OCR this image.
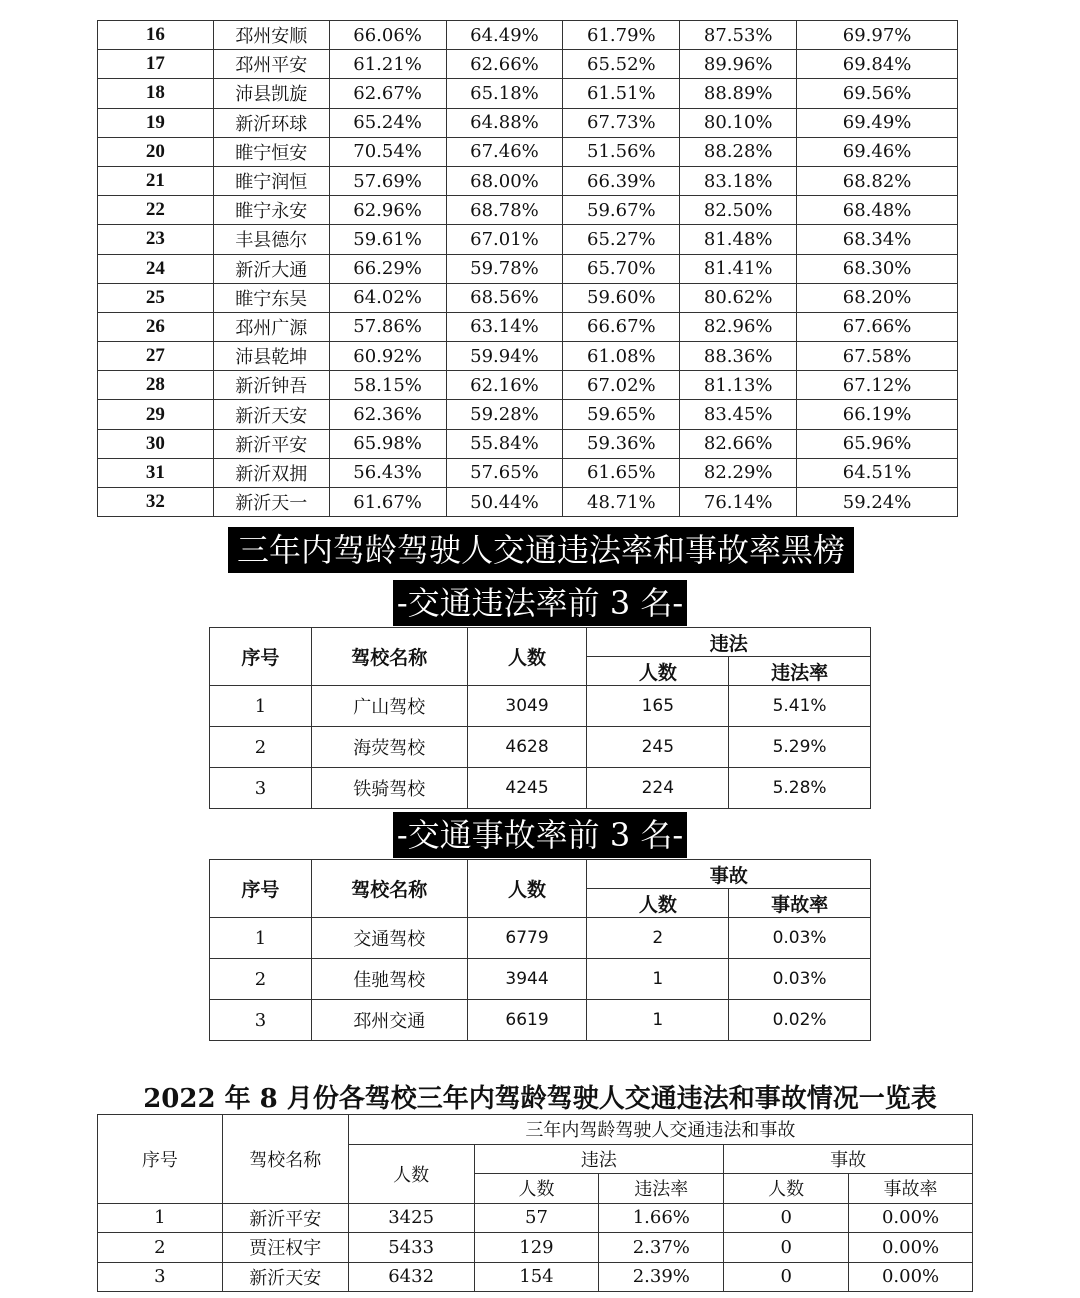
16	邳州安顺	66.06%	64.49%	61.79%	87.53%	69.97%
17	邳州平安	61.21%	62.66%	65.52%	89.96%	69.84%
18	沛县凯旋	62.67%	65.18%	61.51%	88.89%	69.56%
19	新沂环球	65.24%	64.88%	67.73%	80.10%	69.49%
20	睢宁恒安	70.54%	67.46%	51.56%	88.28%	69.46%
21	睢宁润恒	57.69%	68.00%	66.39%	83.18%	68.82%
22	睢宁永安	62.96%	68.78%	59.67%	82.50%	68.48%
23	丰县德尔	59.61%	67.01%	65.27%	81.48%	68.34%
24	新沂大通	66.29%	59.78%	65.70%	81.41%	68.30%
25	睢宁东吴	64.02%	68.56%	59.60%	80.62%	68.20%
26	邳州广源	57.86%	63.14%	66.67%	82.96%	67.66%
27	沛县乾坤	60.92%	59.94%	61.08%	88.36%	67.58%
28	新沂钟吾	58.15%	62.16%	67.02%	81.13%	67.12%
29	新沂天安	62.36%	59.28%	59.65%	83.45%	66.19%
30	新沂平安	65.98%	55.84%	59.36%	82.66%	65.96%
31	新沂双拥	56.43%	57.65%	61.65%	82.29%	64.51%
32	新沂天一	61.67%	50.44%	48.71%	76.14%	59.24%
三年内驾龄驾驶人交通违法率和事故率黑榜
-交通违法率前 3 名-
序号	驾校名称	人数	违法	
			人数	违法率
1	广山驾校	3049	165	5.41%
2	海荧驾校	4628	245	5.29%
3	铁骑驾校	4245	224	5.28%
-交通事故率前 3 名-
序号	驾校名称	人数	事故	
			人数	事故率
1	交通驾校	6779	2	0.03%
2	佳驰驾校	3944	1	0.03%
3	邳州交通	6619	1	0.02%
2022 年 8 月份各驾校三年内驾龄驾驶人交通违法和事故情况一览表
序号	驾校名称	三年内驾龄驾驶人交通违法和事故				
		人数	违法		事故	
			人数	违法率	人数	事故率
1	新沂平安	3425	57	1.66%	0	0.00%
2	贾汪权宇	5433	129	2.37%	0	0.00%
3	新沂天安	6432	154	2.39%	0	0.00%
